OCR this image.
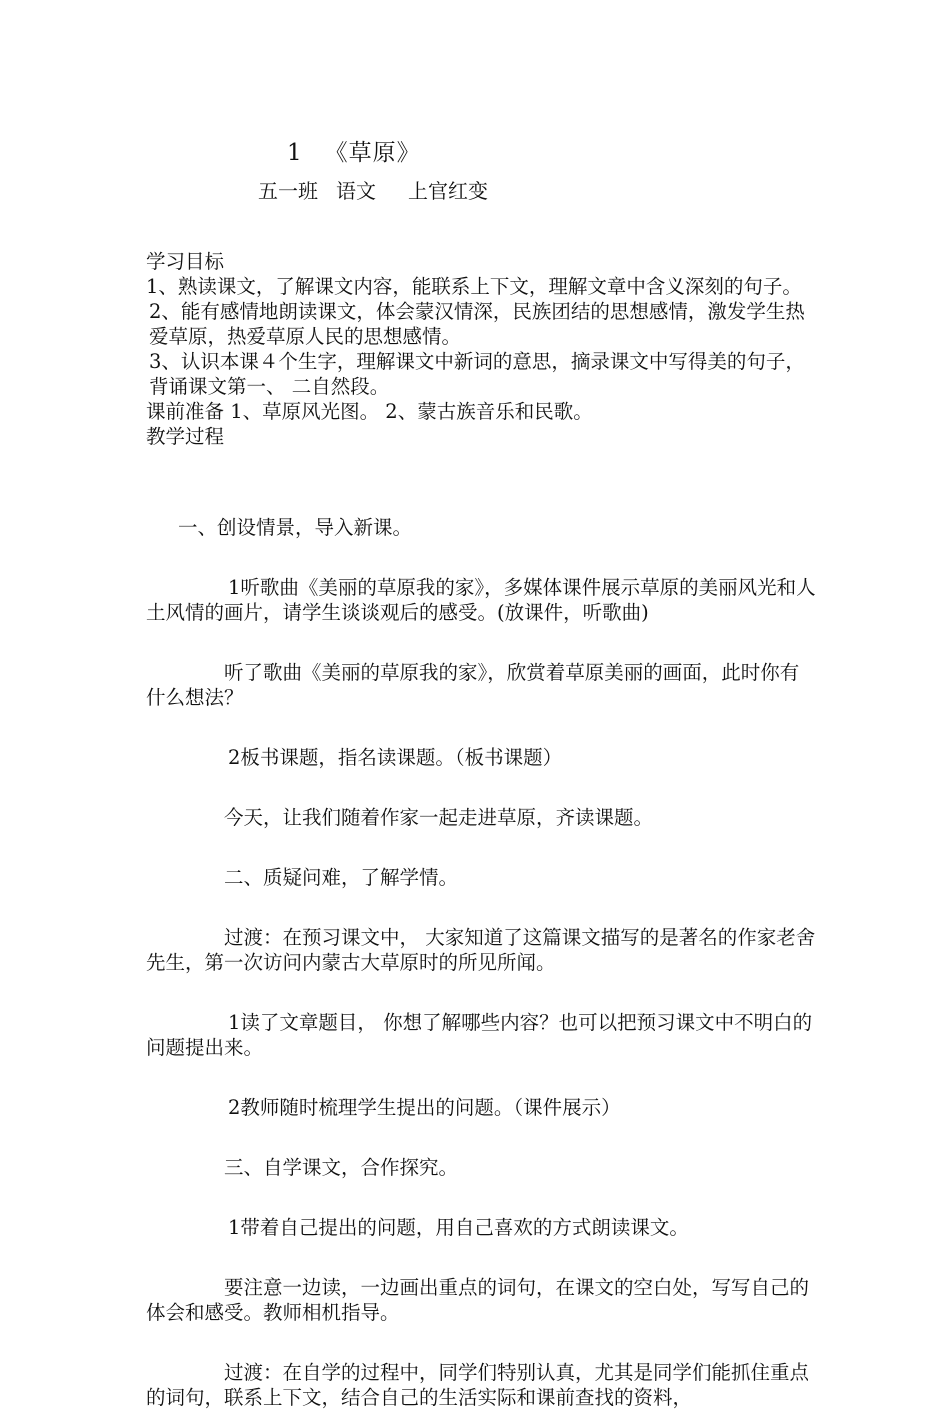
1 《草原》
五一班 语文 上官红变

学习目标

1、熟读课文，了解课文内容，能联系上下文，理解文章中含义深刻的句子。

2、能有感情地朗读课文，体会蒙汉情深，民族团结的思想感情，激发学生热爱草原，热爱草原人民的思想感情。

3、认识本课４个生字，理解课文中新词的意思，摘录课文中写得美的句子，背诵课文第一、 二自然段。

课前准备 1、草原风光图。 2、蒙古族音乐和民歌。

教学过程

一、创设情景，导入新课。

1听歌曲《美丽的草原我的家》，多媒体课件展示草原的美丽风光和人土风情的画片，请学生谈谈观后的感受。(放课件，听歌曲)

听了歌曲《美丽的草原我的家》，欣赏着草原美丽的画面，此时你有什么想法？

2板书课题，指名读课题。（板书课题）

今天，让我们随着作家一起走进草原，齐读课题。

二、质疑问难，了解学情。

过渡：在预习课文中， 大家知道了这篇课文描写的是著名的作家老舍先生，第一次访问内蒙古大草原时的所见所闻。

1读了文章题目， 你想了解哪些内容？也可以把预习课文中不明白的问题提出来。

2教师随时梳理学生提出的问题。（课件展示）

三、自学课文，合作探究。

1带着自己提出的问题，用自己喜欢的方式朗读课文。

要注意一边读，一边画出重点的词句，在课文的空白处，写写自己的体会和感受。教师相机指导。

过渡：在自学的过程中，同学们特别认真，尤其是同学们能抓住重点的词句，联系上下文，结合自己的生活实际和课前查找的资料，
